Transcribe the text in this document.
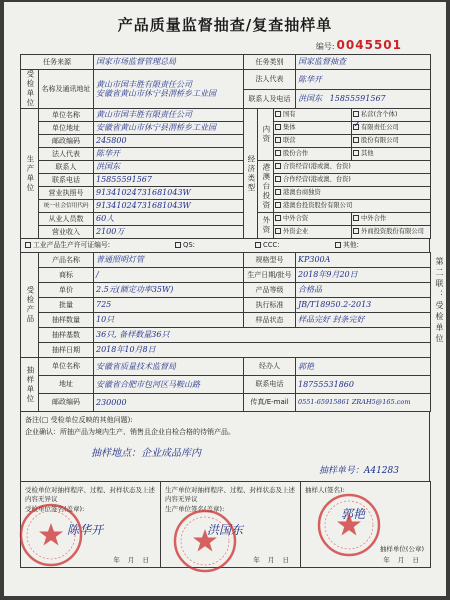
产品质量监督抽查/复查抽样单
编号: 0045501
任务来源	国家市场监督管理总局	任务类别	国家监督抽查
受检单位	名称及通讯地址	黄山市国丰胜有限责任公司
安徽省黄山市休宁县渭桥乡工业园	法人代表	陈华开
			联系人及电话	洪国东 15855591567
生产单位	单位名称	黄山市国丰胜有限责任公司	经济类型	内资	国有	私营(含个体)
	单位地址	安徽省黄山市休宁县渭桥乡工业园			集体	✓有限责任公司
	邮政编码	245800			联营	股份有限公司
	法人代表	陈华开			股份合作	其他
	联系人	洪国东		港澳台投资	合资经营(港或澳、台资)	
	联系电话	15855591567			合作经营(港或澳、台资)	
	营业执照号	91341024731681043W			港澳台商独资	
	统一社会信用代码	91341024731681043W			港澳台投资股份有限公司	
	从业人员数	60人		外资	中外合资	中外合作
	营业收入	2100万			外资企业	外商投资股份有限公司
工业产品生产许可证编号:	QS:	CCC:	其他:
受检产品	产品名称	普通照明灯管	规格型号	KP300A
	商标	/	生产日期/批号	2018年9月20日
	单价	2.5元(额定功率35W)	产品等级	合格品
	批量	725	执行标准	JB/T18950.2-2013
	抽样数量	10只	样品状态	样品完好 封条完好
	抽样基数	36只, 备样数量36只		
	抽样日期	2018年10月8日		
抽样单位	单位名称	安徽省质量技术监督局	经办人	郭艳
	地址	安徽省合肥市包河区马鞍山路	联系电话	18755531860
	邮政编码	230000	传真/E-mail	0551-65915861 ZRAH5@165.com
备注(□ 受检单位反映的其他问题):
企业确认：所抽产品为境内生产、销售且企业自检合格的待销产品。
抽样地点：企业成品库内
抽样单号：A41283
受检单位对抽样程序、过程、封样状态及上述内容无异议
受检单位签名(盖章):
陈华开
年 月 日

生产单位对抽样程序、过程、封样状态及上述内容无异议
生产单位签名(盖章):
洪国东
年 月 日

抽样人(签名):
郭艳
抽样单位(公章)
年 月 日
第二联：受检单位
